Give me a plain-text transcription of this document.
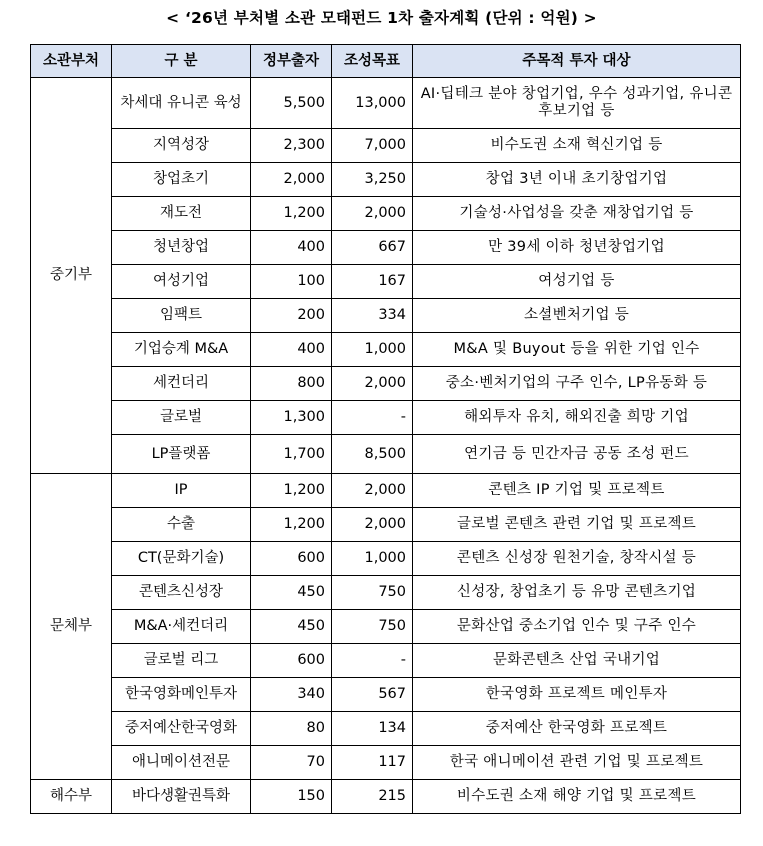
< ‘26년 부처별 소관 모태펀드 1차 출자계획 (단위 : 억원) >
소관부처	구 분	정부출자	조성목표	주목적 투자 대상
중기부	차세대 유니콘 육성	5,500	13,000	AI·딥테크 분야 창업기업, 우수 성과기업, 유니콘 후보기업 등
	지역성장	2,300	7,000	비수도권 소재 혁신기업 등
	창업초기	2,000	3,250	창업 3년 이내 초기창업기업
	재도전	1,200	2,000	기술성·사업성을 갖춘 재창업기업 등
	청년창업	400	667	만 39세 이하 청년창업기업
	여성기업	100	167	여성기업 등
	임팩트	200	334	소셜벤처기업 등
	기업승계 M&A	400	1,000	M&A 및 Buyout 등을 위한 기업 인수
	세컨더리	800	2,000	중소·벤처기업의 구주 인수, LP유동화 등
	글로벌	1,300	-	해외투자 유치, 해외진출 희망 기업
	LP플랫폼	1,700	8,500	연기금 등 민간자금 공동 조성 펀드
문체부	IP	1,200	2,000	콘텐츠 IP 기업 및 프로젝트
	수출	1,200	2,000	글로벌 콘텐츠 관련 기업 및 프로젝트
	CT(문화기술)	600	1,000	콘텐츠 신성장 원천기술, 창작시설 등
	콘텐츠신성장	450	750	신성장, 창업초기 등 유망 콘텐츠기업
	M&A·세컨더리	450	750	문화산업 중소기업 인수 및 구주 인수
	글로벌 리그	600	-	문화콘텐츠 산업 국내기업
	한국영화메인투자	340	567	한국영화 프로젝트 메인투자
	중저예산한국영화	80	134	중저예산 한국영화 프로젝트
	애니메이션전문	70	117	한국 애니메이션 관련 기업 및 프로젝트
해수부	바다생활권특화	150	215	비수도권 소재 해양 기업 및 프로젝트
